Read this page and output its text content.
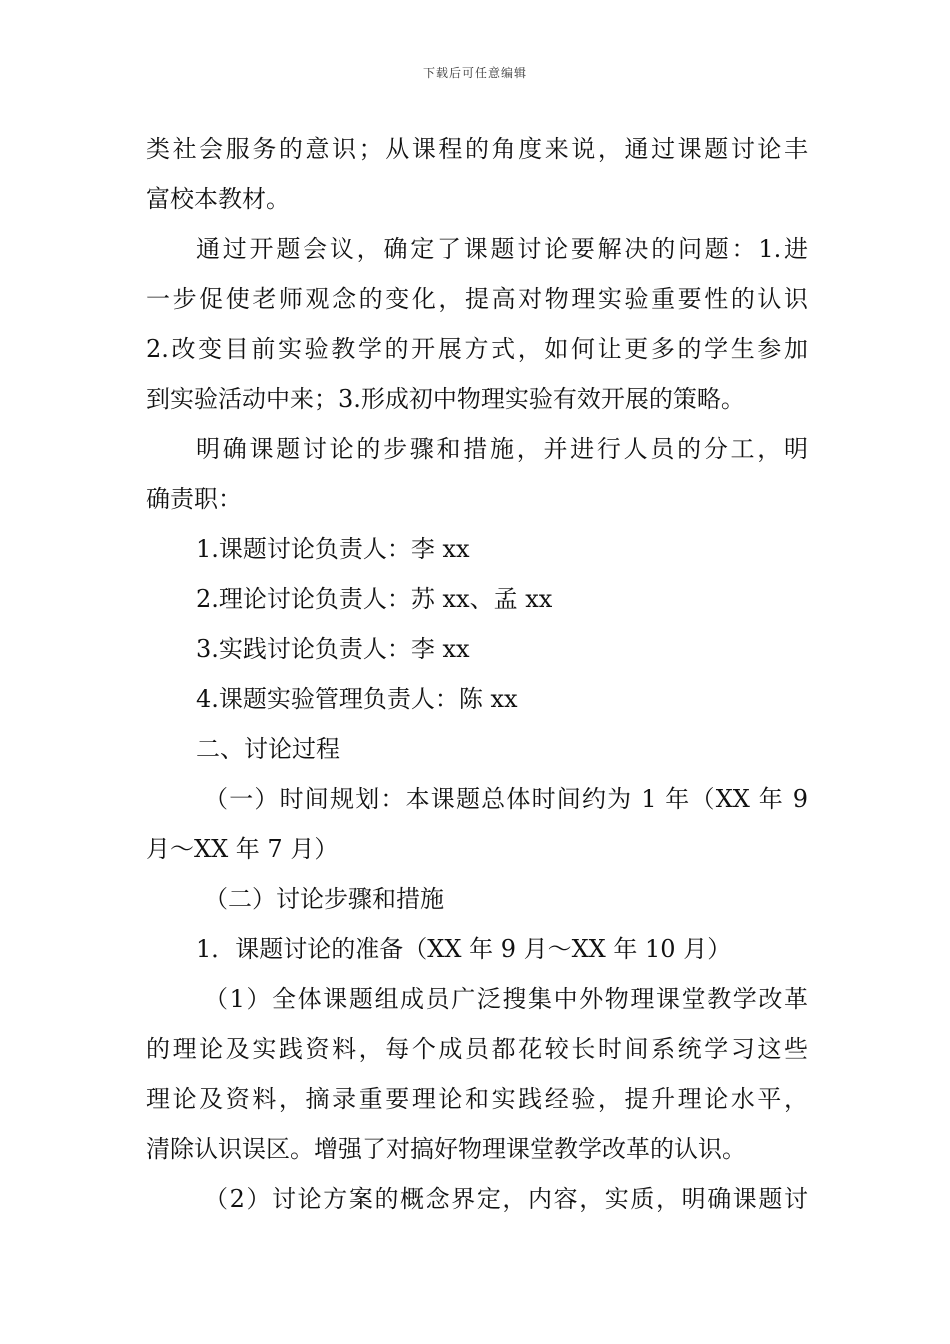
下载后可任意编辑
类社会服务的意识；从课程的角度来说，通过课题讨论丰
富校本教材。
通过开题会议，确定了课题讨论要解决的问题：1.进
一步促使老师观念的变化，提高对物理实验重要性的认识
2.改变目前实验教学的开展方式，如何让更多的学生参加
到实验活动中来；3.形成初中物理实验有效开展的策略。
明确课题讨论的步骤和措施，并进行人员的分工，明
确责职：
1.课题讨论负责人：李 xx
2.理论讨论负责人：苏 xx、孟 xx
3.实践讨论负责人：李 xx
4.课题实验管理负责人：陈 xx
二、讨论过程
（一）时间规划：本课题总体时间约为 1 年（XX 年 9
月～XX 年 7 月）
（二）讨论步骤和措施
1．课题讨论的准备（XX 年 9 月～XX 年 10 月）
（1）全体课题组成员广泛搜集中外物理课堂教学改革
的理论及实践资料，每个成员都花较长时间系统学习这些
理论及资料，摘录重要理论和实践经验，提升理论水平，
清除认识误区。增强了对搞好物理课堂教学改革的认识。
（2）讨论方案的概念界定，内容，实质，明确课题讨
